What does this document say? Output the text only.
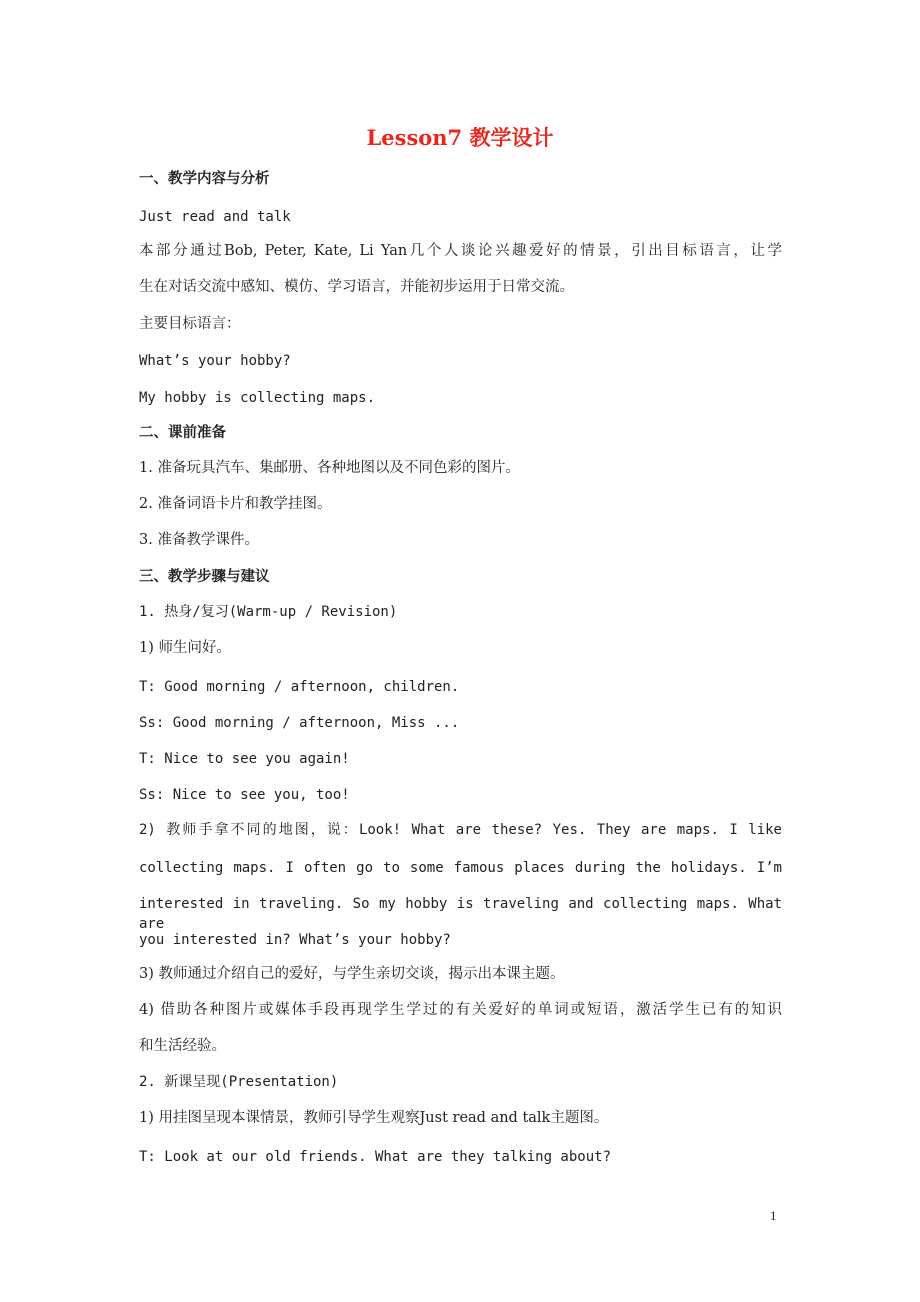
Lesson7 教学设计
一、教学内容与分析
Just read and talk
本部分通过Bob, Peter, Kate, Li Yan几个人谈论兴趣爱好的情景，引出目标语言，让学
生在对话交流中感知、模仿、学习语言，并能初步运用于日常交流。
主要目标语言：
What’s your hobby?
My hobby is collecting maps.
二、课前准备
1. 准备玩具汽车、集邮册、各种地图以及不同色彩的图片。
2. 准备词语卡片和教学挂图。
3. 准备教学课件。
三、教学步骤与建议
1. 热身/复习(Warm-up / Revision)
1) 师生问好。
T: Good morning / afternoon, children.
Ss: Good morning / afternoon, Miss ...
T: Nice to see you again!
Ss: Nice to see you, too!
2) 教师手拿不同的地图，说：Look! What are these? Yes. They are maps. I like
collecting maps. I often go to some famous places during the holidays. I’m
interested in traveling. So my hobby is traveling and collecting maps. What are
you interested in? What’s your hobby?
3) 教师通过介绍自己的爱好，与学生亲切交谈，揭示出本课主题。
4) 借助各种图片或媒体手段再现学生学过的有关爱好的单词或短语，激活学生已有的知识
和生活经验。
2. 新课呈现(Presentation)
1) 用挂图呈现本课情景，教师引导学生观察Just read and talk主题图。
T: Look at our old friends. What are they talking about?
1
